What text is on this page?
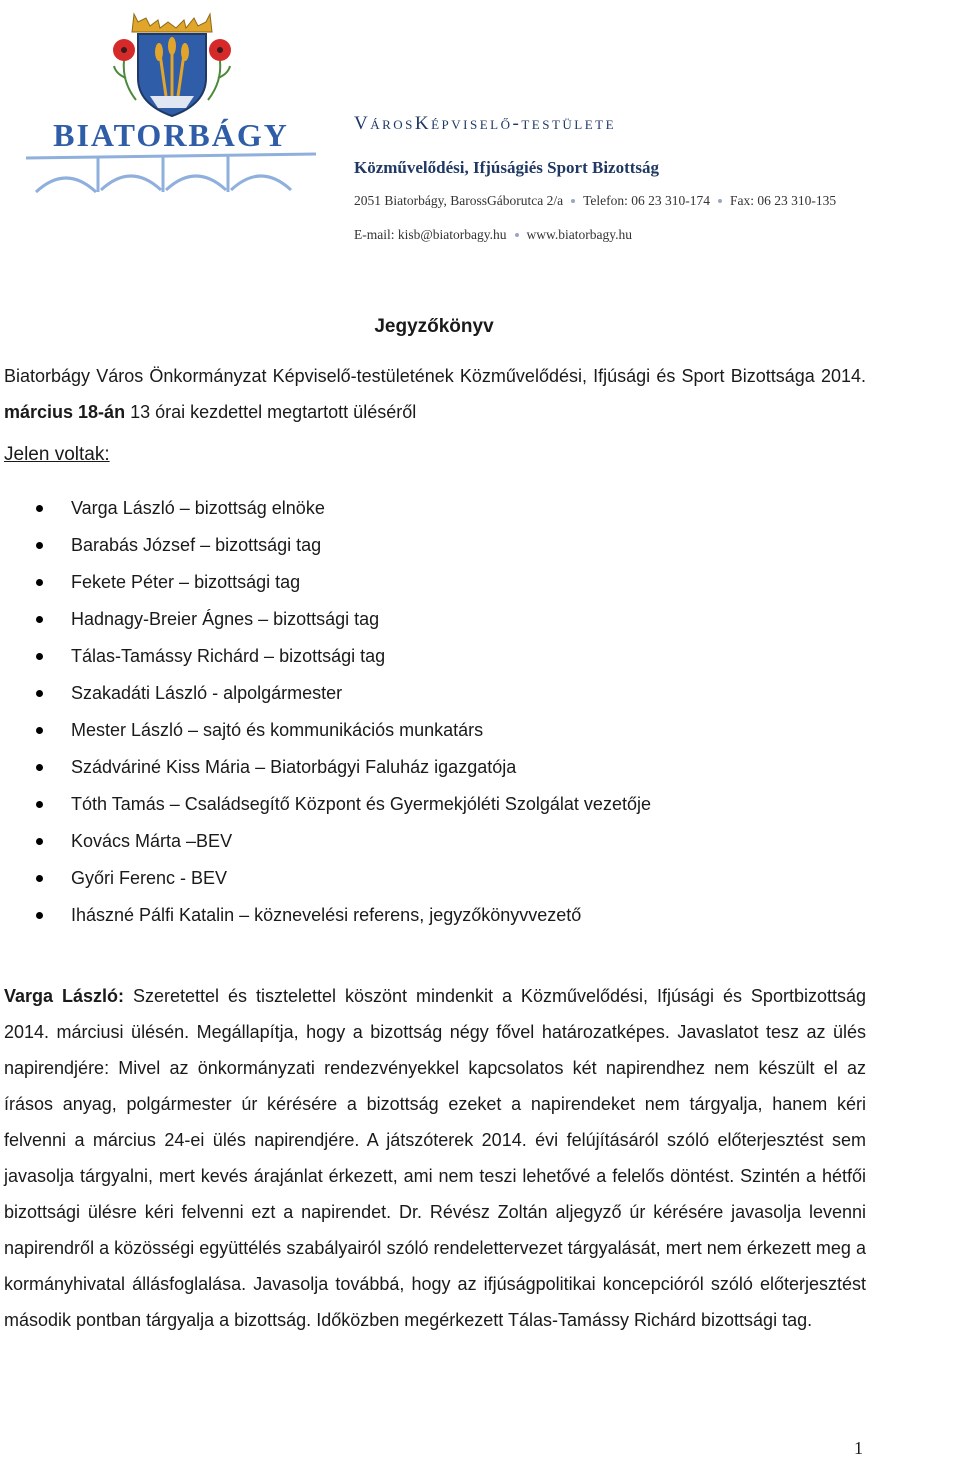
BIATORBÁGY	VárosKépviselő-testülete
Közművelődési, Ifjúságiés Sport Bizottság
2051 Biatorbágy, BarossGáborutca 2/a Telefon: 06 23 310-174 Fax: 06 23 310-135
E-mail: kisb@biatorbagy.hu www.biatorbagy.hu
Jegyzőkönyv
Biatorbágy Város Önkormányzat Képviselő-testületének Közművelődési, Ifjúsági és Sport Bizottsága 2014. március 18-án 13 órai kezdettel megtartott üléséről
Jelen voltak:
Varga László – bizottság elnöke
Barabás József – bizottsági tag
Fekete Péter – bizottsági tag
Hadnagy-Breier Ágnes – bizottsági tag
Tálas-Tamássy Richárd – bizottsági tag
Szakadáti László - alpolgármester
Mester László – sajtó és kommunikációs munkatárs
Szádváriné Kiss Mária – Biatorbágyi Faluház igazgatója
Tóth Tamás – Családsegítő Központ és Gyermekjóléti Szolgálat vezetője
Kovács Márta –BEV
Győri Ferenc - BEV
Ihászné Pálfi Katalin – köznevelési referens, jegyzőkönyvvezető
Varga László: Szeretettel és tisztelettel köszönt mindenkit a Közművelődési, Ifjúsági és Sportbizottság 2014. márciusi ülésén. Megállapítja, hogy a bizottság négy fővel határozatképes. Javaslatot tesz az ülés napirendjére: Mivel az önkormányzati rendezvényekkel kapcsolatos két napirendhez nem készült el az írásos anyag, polgármester úr kérésére a bizottság ezeket a napirendeket nem tárgyalja, hanem kéri felvenni a március 24-ei ülés napirendjére. A játszóterek 2014. évi felújításáról szóló előterjesztést sem javasolja tárgyalni, mert kevés árajánlat érkezett, ami nem teszi lehetővé a felelős döntést. Szintén a hétfői bizottsági ülésre kéri felvenni ezt a napirendet. Dr. Révész Zoltán aljegyző úr kérésére javasolja levenni napirendről a közösségi együttélés szabályairól szóló rendelettervezet tárgyalását, mert nem érkezett meg a kormányhivatal állásfoglalása. Javasolja továbbá, hogy az ifjúságpolitikai koncepcióról szóló előterjesztést második pontban tárgyalja a bizottság. Időközben megérkezett Tálas-Tamássy Richárd bizottsági tag.
1
